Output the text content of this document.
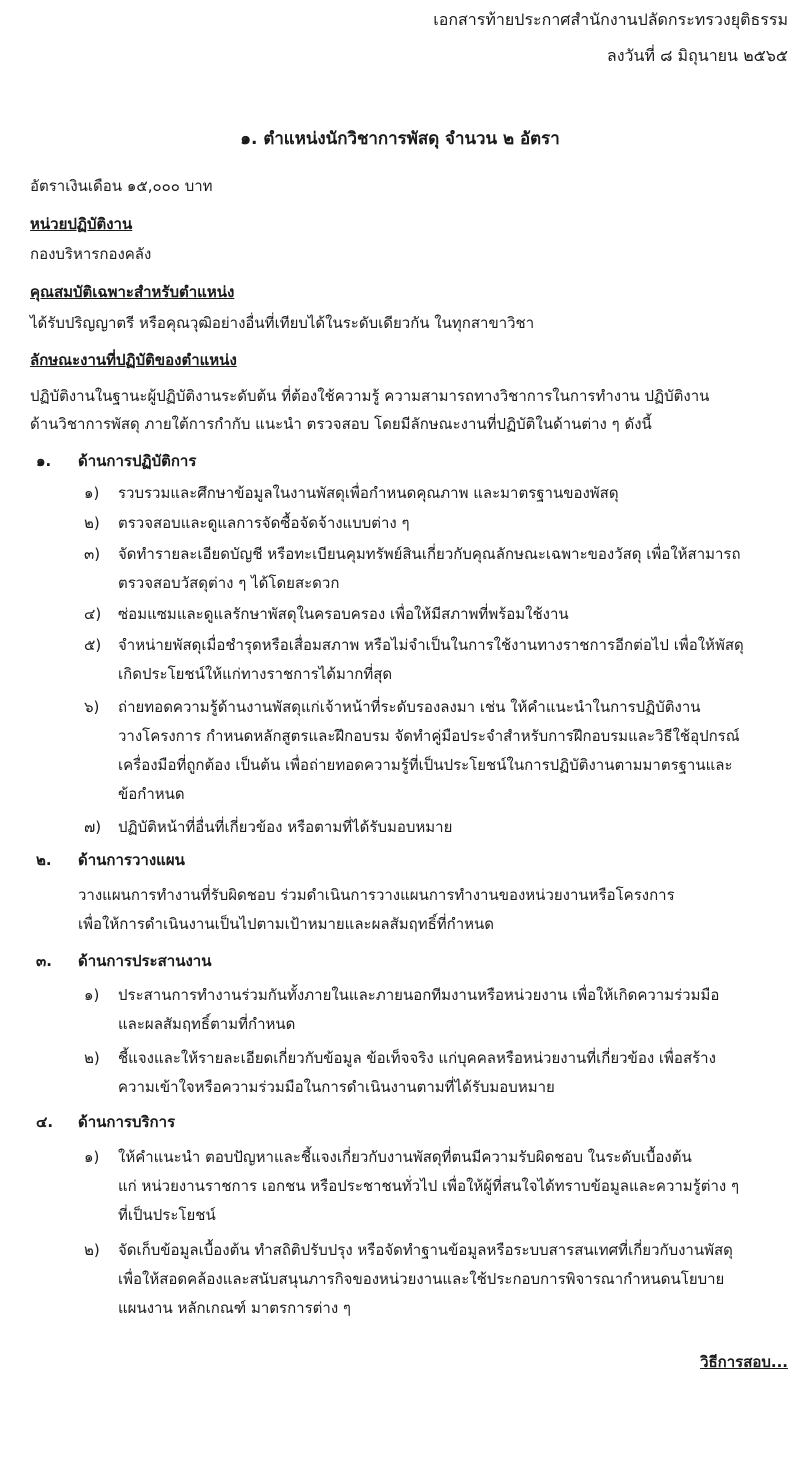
เอกสารท้ายประกาศสำนักงานปลัดกระทรวงยุติธรรม
ลงวันที่ ๘ มิถุนายน ๒๕๖๕
๑. ตำแหน่งนักวิชาการพัสดุ จำนวน ๒ อัตรา
อัตราเงินเดือน ๑๕,๐๐๐ บาท
หน่วยปฏิบัติงาน
กองบริหารกองคลัง
คุณสมบัติเฉพาะสำหรับตำแหน่ง
ได้รับปริญญาตรี หรือคุณวุฒิอย่างอื่นที่เทียบได้ในระดับเดียวกัน ในทุกสาขาวิชา
ลักษณะงานที่ปฏิบัติของตำแหน่ง
ปฏิบัติงานในฐานะผู้ปฏิบัติงานระดับต้น ที่ต้องใช้ความรู้ ความสามารถทางวิชาการในการทำงาน ปฏิบัติงาน
ด้านวิชาการพัสดุ ภายใต้การกำกับ แนะนำ ตรวจสอบ โดยมีลักษณะงานที่ปฏิบัติในด้านต่าง ๆ ดังนี้
๑. ด้านการปฏิบัติการ
๑) รวบรวมและศึกษาข้อมูลในงานพัสดุเพื่อกำหนดคุณภาพ และมาตรฐานของพัสดุ
๒) ตรวจสอบและดูแลการจัดซื้อจัดจ้างแบบต่าง ๆ
๓) จัดทำรายละเอียดบัญชี หรือทะเบียนคุมทรัพย์สินเกี่ยวกับคุณลักษณะเฉพาะของวัสดุ เพื่อให้สามารถ
ตรวจสอบวัสดุต่าง ๆ ได้โดยสะดวก
๔) ซ่อมแซมและดูแลรักษาพัสดุในครอบครอง เพื่อให้มีสภาพที่พร้อมใช้งาน
๕) จำหน่ายพัสดุเมื่อชำรุดหรือเสื่อมสภาพ หรือไม่จำเป็นในการใช้งานทางราชการอีกต่อไป เพื่อให้พัสดุ
เกิดประโยชน์ให้แก่ทางราชการได้มากที่สุด
๖) ถ่ายทอดความรู้ด้านงานพัสดุแก่เจ้าหน้าที่ระดับรองลงมา เช่น ให้คำแนะนำในการปฏิบัติงาน
วางโครงการ กำหนดหลักสูตรและฝึกอบรม จัดทำคู่มือประจำสำหรับการฝึกอบรมและวิธีใช้อุปกรณ์
เครื่องมือที่ถูกต้อง เป็นต้น เพื่อถ่ายทอดความรู้ที่เป็นประโยชน์ในการปฏิบัติงานตามมาตรฐานและ
ข้อกำหนด
๗) ปฏิบัติหน้าที่อื่นที่เกี่ยวข้อง หรือตามที่ได้รับมอบหมาย
๒. ด้านการวางแผน
วางแผนการทำงานที่รับผิดชอบ ร่วมดำเนินการวางแผนการทำงานของหน่วยงานหรือโครงการ
เพื่อให้การดำเนินงานเป็นไปตามเป้าหมายและผลสัมฤทธิ์ที่กำหนด
๓. ด้านการประสานงาน
๑) ประสานการทำงานร่วมกันทั้งภายในและภายนอกทีมงานหรือหน่วยงาน เพื่อให้เกิดความร่วมมือ
และผลสัมฤทธิ์ตามที่กำหนด
๒) ชี้แจงและให้รายละเอียดเกี่ยวกับข้อมูล ข้อเท็จจริง แก่บุคคลหรือหน่วยงานที่เกี่ยวข้อง เพื่อสร้าง
ความเข้าใจหรือความร่วมมือในการดำเนินงานตามที่ได้รับมอบหมาย
๔. ด้านการบริการ
๑) ให้คำแนะนำ ตอบปัญหาและชี้แจงเกี่ยวกับงานพัสดุที่ตนมีความรับผิดชอบ ในระดับเบื้องต้น
แก่ หน่วยงานราชการ เอกชน หรือประชาชนทั่วไป เพื่อให้ผู้ที่สนใจได้ทราบข้อมูลและความรู้ต่าง ๆ
ที่เป็นประโยชน์
๒) จัดเก็บข้อมูลเบื้องต้น ทำสถิติปรับปรุง หรือจัดทำฐานข้อมูลหรือระบบสารสนเทศที่เกี่ยวกับงานพัสดุ
เพื่อให้สอดคล้องและสนับสนุนภารกิจของหน่วยงานและใช้ประกอบการพิจารณากำหนดนโยบาย
แผนงาน หลักเกณฑ์ มาตรการต่าง ๆ
วิธีการสอบ...
